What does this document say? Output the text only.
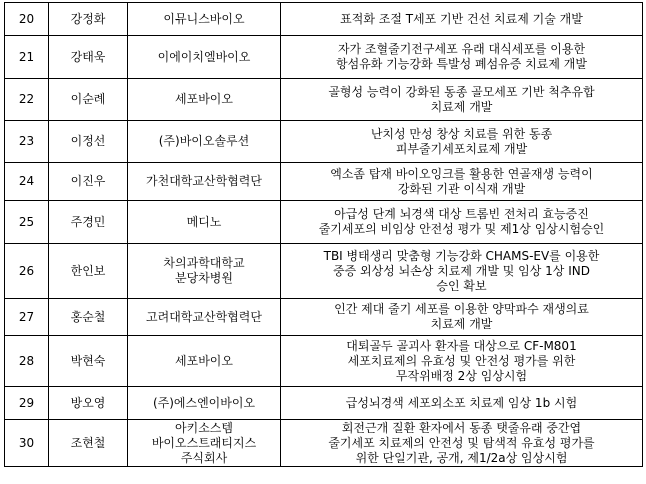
20	강정화	이뮤니스바이오	표적화 조절 T세포 기반 건선 치료제 기술 개발

21	강태욱	이에이치엘바이오	자가 조혈줄기전구세포 유래 대식세포를 이용한
항섬유화 기능강화 특발성 폐섬유증 치료제 개발

22	이순례	세포바이오	골형성 능력이 강화된 동종 골모세포 기반 척추유합
치료제 개발

23	이정선	(주)바이오솔루션	난치성 만성 창상 치료를 위한 동종
피부줄기세포치료제 개발

24	이진우	가천대학교산학협력단	엑소좀 탑재 바이오잉크를 활용한 연골재생 능력이
강화된 기관 이식재 개발

25	주경민	메디노	아급성 단계 뇌경색 대상 트롬빈 전처리 효능증진
줄기세포의 비임상 안전성 평가 및 제1상 임상시험승인

26	한인보	차의과학대학교
분당차병원	TBI 병태생리 맞춤형 기능강화 CHAMS-EV를 이용한
중증 외상성 뇌손상 치료제 개발 및 임상 1상 IND
승인 확보

27	홍순철	고려대학교산학협력단	인간 제대 줄기 세포를 이용한 양막파수 재생의료
치료제 개발

28	박현숙	세포바이오	대퇴골두 골괴사 환자를 대상으로 CF-M801
세포치료제의 유효성 및 안전성 평가를 위한
무작위배정 2상 임상시험

29	방오영	(주)에스엔이바이오	급성뇌경색 세포외소포 치료제 임상 1b 시험

30	조현철	아키소스템
바이오스트래티지스
주식회사	회전근개 질환 환자에서 동종 탯줄유래 중간엽
줄기세포 치료제의 안전성 및 탐색적 유효성 평가를
위한 단일기관, 공개, 제1/2a상 임상시험
